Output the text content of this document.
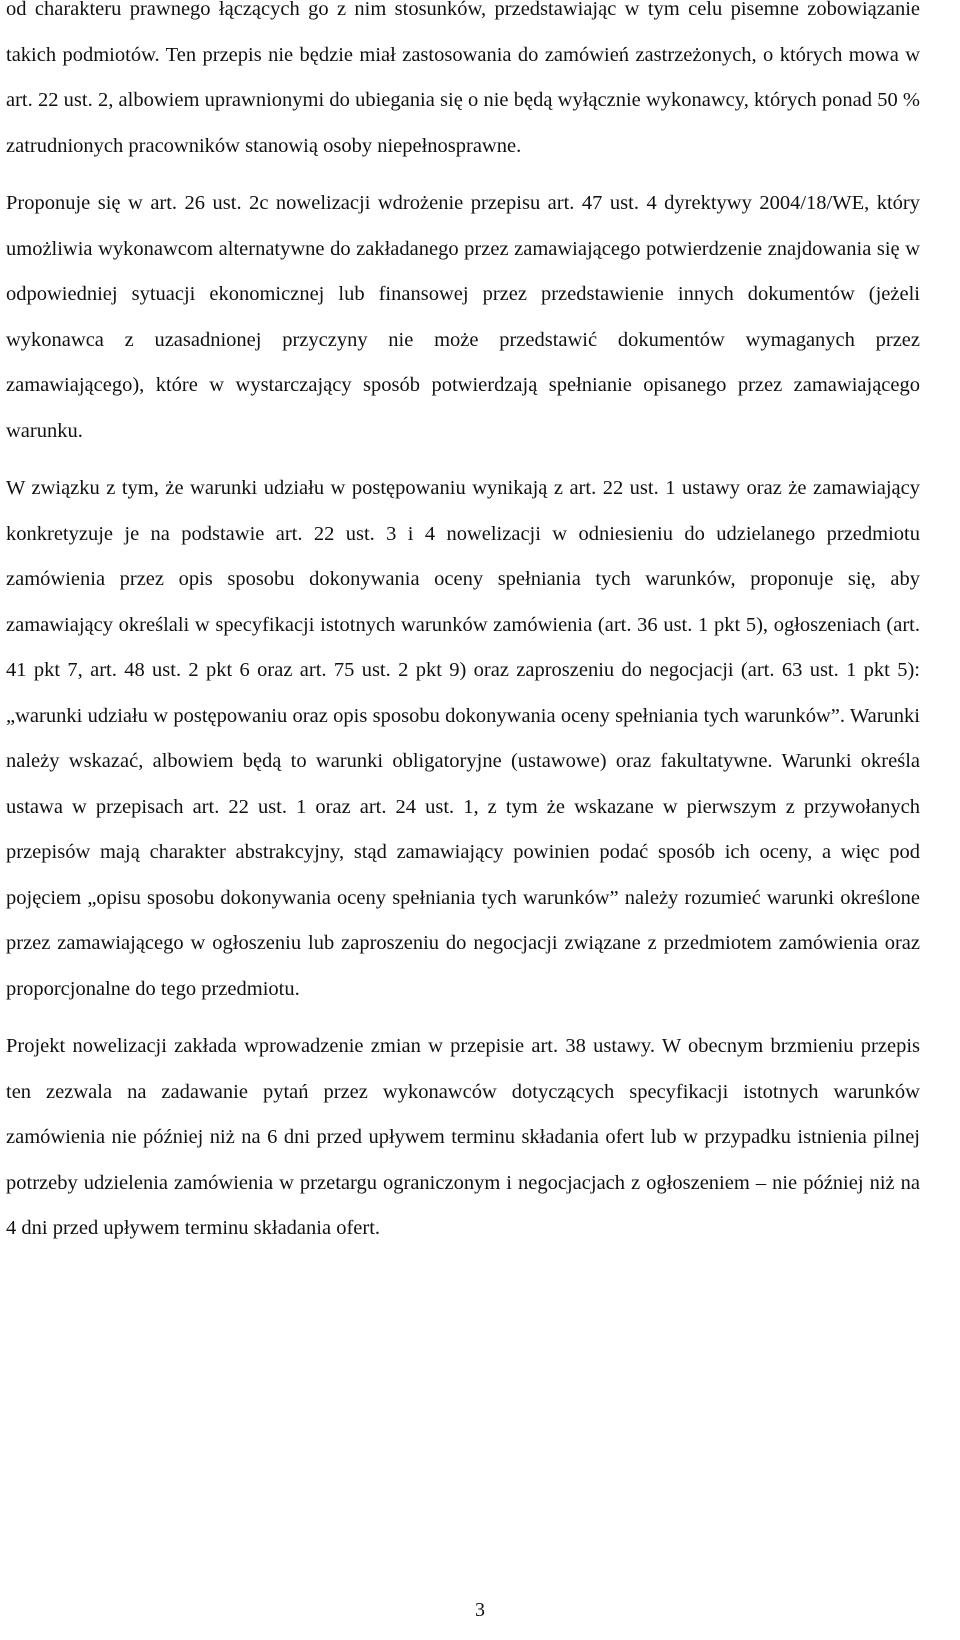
od charakteru prawnego łączących go z nim stosunków, przedstawiając w tym celu pisemne zobowiązanie takich podmiotów. Ten przepis nie będzie miał zastosowania do zamówień zastrzeżonych, o których mowa w art. 22 ust. 2, albowiem uprawnionymi do ubiegania się o nie będą wyłącznie wykonawcy, których ponad 50 % zatrudnionych pracowników stanowią osoby niepełnosprawne.

Proponuje się w art. 26 ust. 2c nowelizacji wdrożenie przepisu art. 47 ust. 4 dyrektywy 2004/18/WE, który umożliwia wykonawcom alternatywne do zakładanego przez zamawiającego potwierdzenie znajdowania się w odpowiedniej sytuacji ekonomicznej lub finansowej przez przedstawienie innych dokumentów (jeżeli wykonawca z uzasadnionej przyczyny nie może przedstawić dokumentów wymaganych przez zamawiającego), które w wystarczający sposób potwierdzają spełnianie opisanego przez zamawiającego warunku.

W związku z tym, że warunki udziału w postępowaniu wynikają z art. 22 ust. 1 ustawy oraz że zamawiający konkretyzuje je na podstawie art. 22 ust. 3 i 4 nowelizacji w odniesieniu do udzielanego przedmiotu zamówienia przez opis sposobu dokonywania oceny spełniania tych warunków, proponuje się, aby zamawiający określali w specyfikacji istotnych warunków zamówienia (art. 36 ust. 1 pkt 5), ogłoszeniach (art. 41 pkt 7, art. 48 ust. 2 pkt 6 oraz art. 75 ust. 2 pkt 9) oraz zaproszeniu do negocjacji (art. 63 ust. 1 pkt 5): „warunki udziału w postępowaniu oraz opis sposobu dokonywania oceny spełniania tych warunków”. Warunki należy wskazać, albowiem będą to warunki obligatoryjne (ustawowe) oraz fakultatywne. Warunki określa ustawa w przepisach art. 22 ust. 1 oraz art. 24 ust. 1, z tym że wskazane w pierwszym z przywołanych przepisów mają charakter abstrakcyjny, stąd zamawiający powinien podać sposób ich oceny, a więc pod pojęciem „opisu sposobu dokonywania oceny spełniania tych warunków” należy rozumieć warunki określone przez zamawiającego w ogłoszeniu lub zaproszeniu do negocjacji związane z przedmiotem zamówienia oraz proporcjonalne do tego przedmiotu.

Projekt nowelizacji zakłada wprowadzenie zmian w przepisie art. 38 ustawy. W obecnym brzmieniu przepis ten zezwala na zadawanie pytań przez wykonawców dotyczących specyfikacji istotnych warunków zamówienia nie później niż na 6 dni przed upływem terminu składania ofert lub w przypadku istnienia pilnej potrzeby udzielenia zamówienia w przetargu ograniczonym i negocjacjach z ogłoszeniem – nie później niż na 4 dni przed upływem terminu składania ofert.

3
